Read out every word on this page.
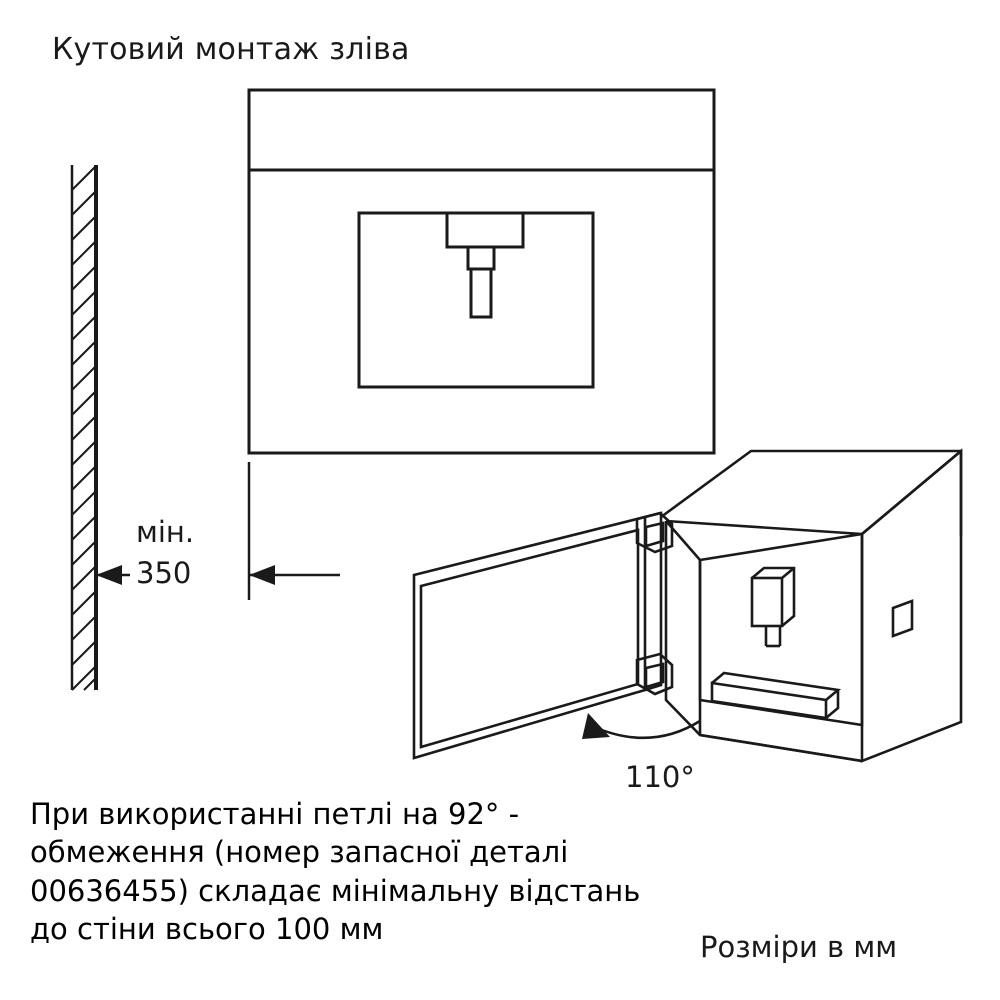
Кутовий монтаж зліва
мін.
350
110°
При використанні петлі на 92° -
обмеження (номер запасної деталі
00636455) складає мінімальну відстань
до стіни всього 100 мм
Розміри в мм
